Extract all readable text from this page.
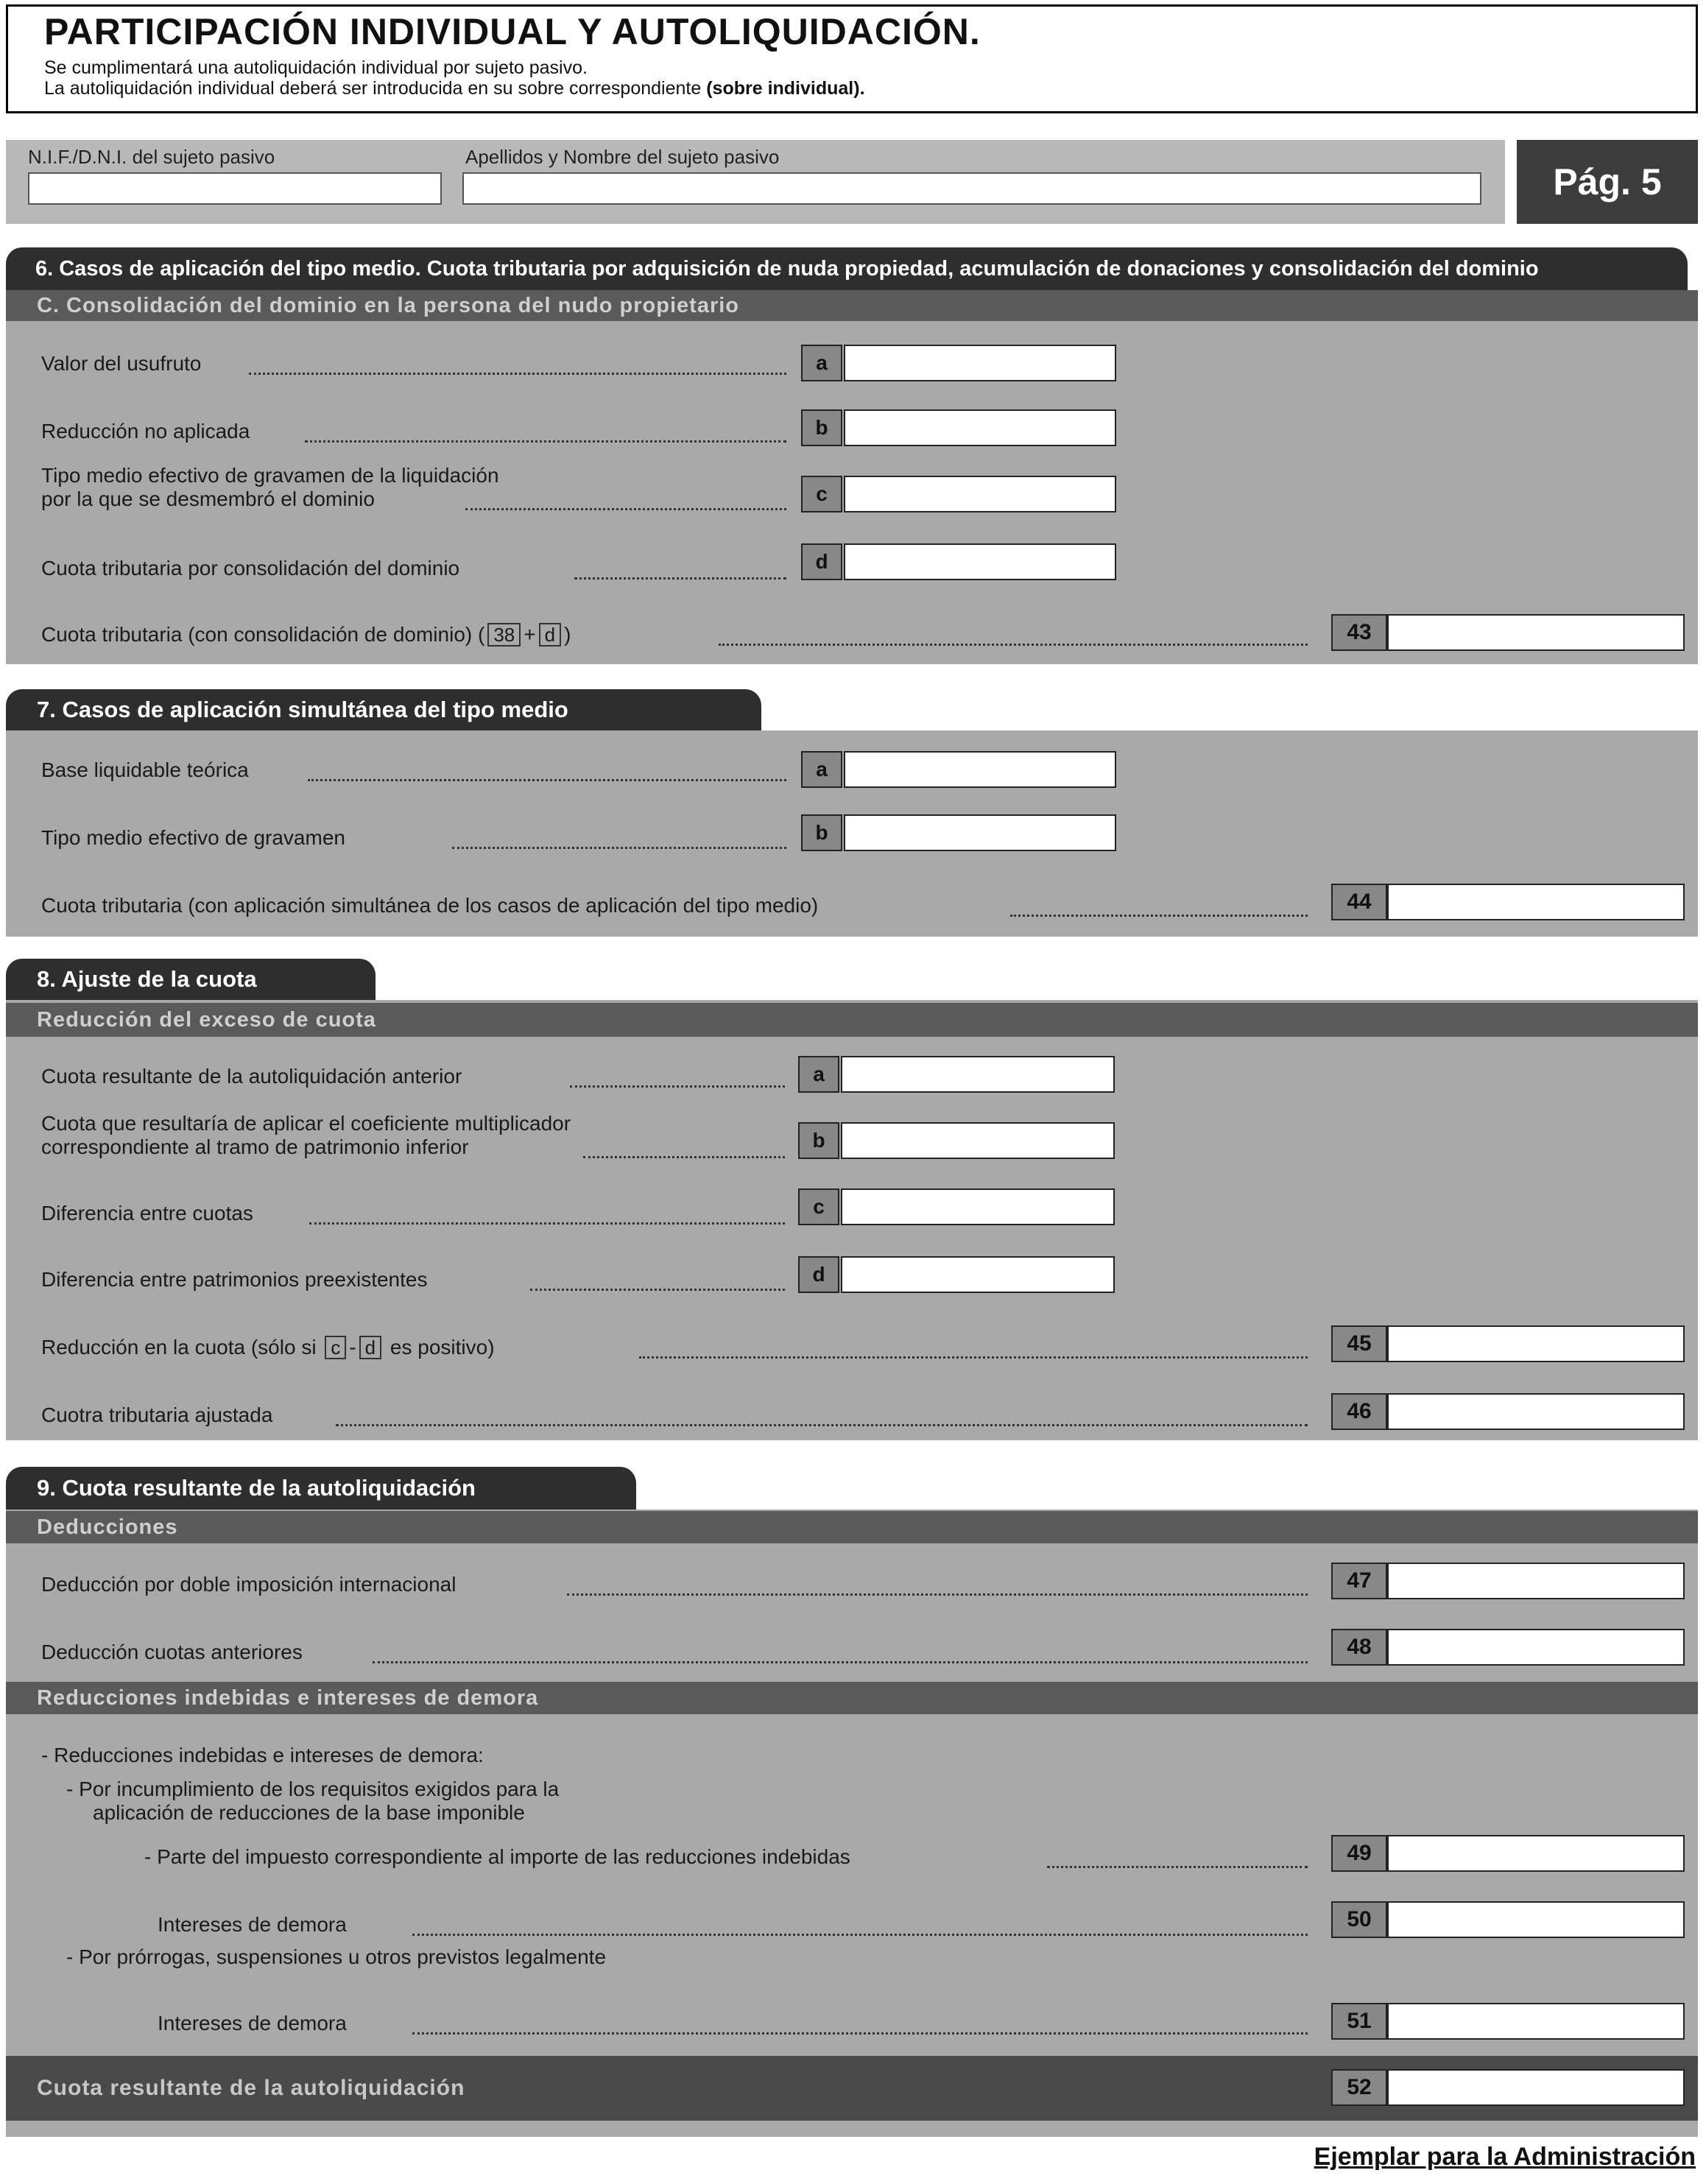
PARTICIPACIÓN INDIVIDUAL Y AUTOLIQUIDACIÓN.
Se cumplimentará una autoliquidación individual por sujeto pasivo.
La autoliquidación individual deberá ser introducida en su sobre correspondiente (sobre individual).
N.I.F./D.N.I. del sujeto pasivo	Apellidos y Nombre del sujeto pasivo
Pág. 5
6. Casos de aplicación del tipo medio. Cuota tributaria por adquisición de nuda propiedad, acumulación de donaciones y consolidación del dominio
C. Consolidación del dominio en la persona del nudo propietario
Valor del usufruto	a
Reducción no aplicada	b
Tipo medio efectivo de gravamen de la liquidación
por la que se desmembró el dominio	c
Cuota tributaria por consolidación del dominio	d
Cuota tributaria (con consolidación de dominio) ( 38 + d )	43
7. Casos de aplicación simultánea del tipo medio
Base liquidable teórica	a
Tipo medio efectivo de gravamen	b
Cuota tributaria (con aplicación simultánea de los casos de aplicación del tipo medio)	44
8. Ajuste de la cuota
Reducción del exceso de cuota
Cuota resultante de la autoliquidación anterior	a
Cuota que resultaría de aplicar el coeficiente multiplicador
correspondiente al tramo de patrimonio inferior	b
Diferencia entre cuotas	c
Diferencia entre patrimonios preexistentes	d
Reducción en la cuota (sólo si c - d es positivo)	45
Cuotra tributaria ajustada	46
9. Cuota resultante de la autoliquidación
Deducciones
Deducción por doble imposición internacional	47
Deducción cuotas anteriores	48
Reducciones indebidas e intereses de demora
- Reducciones indebidas e intereses de demora:
- Por incumplimiento de los requisitos exigidos para la
aplicación de reducciones de la base imponible
- Parte del impuesto correspondiente al importe de las reducciones indebidas	49
Intereses de demora	50
- Por prórrogas, suspensiones u otros previstos legalmente
Intereses de demora	51
Cuota resultante de la autoliquidación	52
Ejemplar para la Administración
